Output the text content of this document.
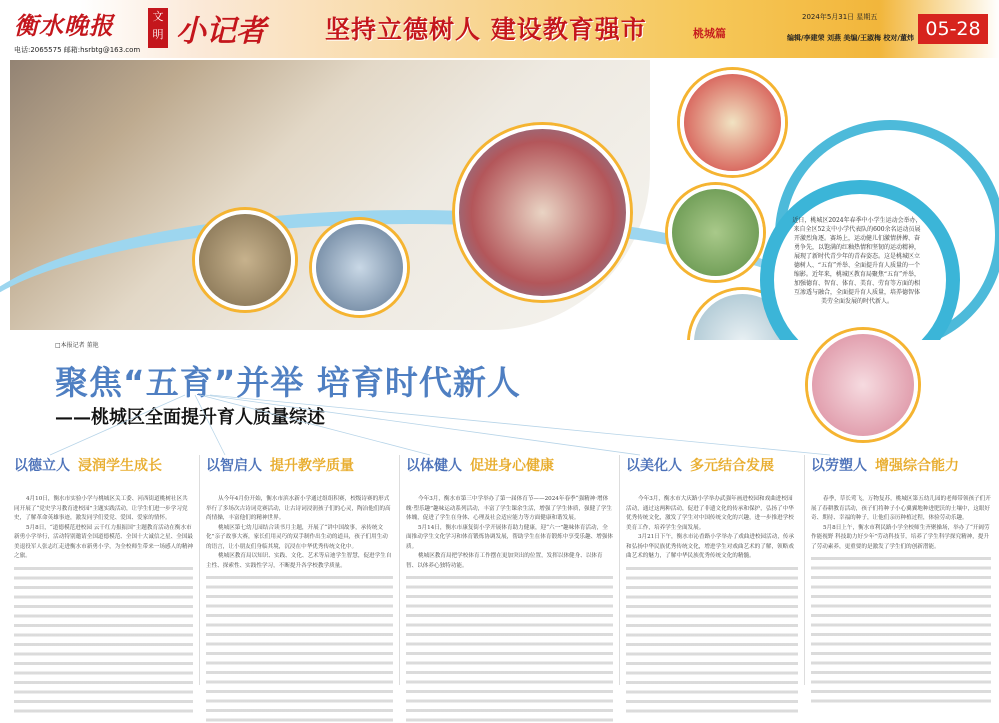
衡水晚报
电话:2065575 邮箱:hsrbtg@163.com
文明 小记者 坚持立德树人 建设教育强市	桃城篇
2024年5月31日 星期五
编辑/李建荣 刘燕 美编/王淑梅 校对/董炜 05-28
近日，桃城区2024年春季中小学生运动会举办，来自全区52支中小学代表队的600余名运动员展开激烈角逐。赛场上，运动健儿们激情拼搏、奋勇争先，以饱满的红釉热情和坚韧的运动精神，展现了新时代青少年的青春姿态。这是桃城区立德树人、“五育”并举、全面提升育人质量的一个缩影。近年来，桃城区教育局聚焦“五育”并举，加强德育、智育、体育、美育、劳育等方面的相互渗透与融合，全面提升育人质量，培养德智体美劳全面发展的时代新人。
□本报记者 董艳
聚焦“五育”并举 培育时代新人
——桃城区全面提升育人质量综述
以德立人 浸润学生成长

4月10日，衡水市实验小学与桃城区关工委、河西街道桃树社区共同开展了“党史学习教育进校园”主题实践活动，让学生们进一步学习党史，了解革命英雄事迹，激发同学们爱党、爱国、爱家的情怀。

5月8日，“道德模范进校园 云千红力报振国”主题教育活动在衡水市新勇小学举行，活动特别邀请全国道德模范、全国十大诚信之星、全国最美退役军人张志红走进衡水市新勇小学，为全校师生带来一场感人的精神之旅。

以智启人 提升教学质量

从今年4月份开始，衡水市滨水新小学通过组组积赛，校级诗赛的形式举行了多场次古诗词竞赛活动，让古诗词浸润孩子们的心灵，陶冶他们的高尚情操，丰富他们的精神世界。

桃城区第七幼儿园结合读书月主题，开展了“讲中国故事，承传统文化”亲子故事大赛，家长们用灵巧的双手制作出生动的道具，孩子们用生动的语言，让小朋友们身临其境，沉浸在中华优秀传统文化中。

桃城区教育局以知识、实践、文化、艺术等启迪学生智慧，促进学生自主性、探索性、实践性学习，不断提升各学校教学质量。

以体健人 促进身心健康

今年3月，衡水市第三中学举办了第一届体育节——2024年春季“强精神·增体魄·塑乐趣”趣味运动系列活动，丰富了学生课余生活，增强了学生体质，强健了学生体魄，促进了学生在身体、心理及社会适应能力等方面健康和谐发展。

5月14日，衡水市康复街小学开展体育助力健康，迎“六一”趣味体育活动，全面推动学生文化学习和体育锻炼协调发展，帮助学生在体育锻炼中享受乐趣、增强体质。

桃城区教育局把学校体育工作摆在更加突出的位置，发挥以体健身、以体育智、以体养心独特功能。

以美化人 多元结合发展

今年3月，衡水市大庆路小学举办武强年画进校园和戏曲进校园活动，通过这两种活动，促进了非遗文化的传承和保护，弘扬了中华优秀传统文化，激发了学生对中国传统文化的兴趣，进一步推进学校美育工作，培养学生全面发展。

3月21日下午，衡水市沁香路小学举办了戏曲进校园活动，传承和弘扬中华民族优秀传统文化，增进学生对戏曲艺术的了解，领略戏曲艺术的魅力，了解中华民族优秀传统文化的精髓。

以劳塑人 增强综合能力

春季，草长莺飞，万物复苏，桃城区第五幼儿园的老师带领孩子们开展了春耕教育活动，孩子们将种子小心翼翼地种进肥沃的土壤中，这眼好奇、期待、幸福的种子，让他们亲历种植过程，体验劳动乐趣。

5月8日上午，衡水市利民路小学全校师生齐聚操场，举办了“开阔劳作能视野 科技助力好少年”劳动科技节，培养了学生科学探究精神，提升了劳动素养，更重要的是激发了学生们的创新潜能。
